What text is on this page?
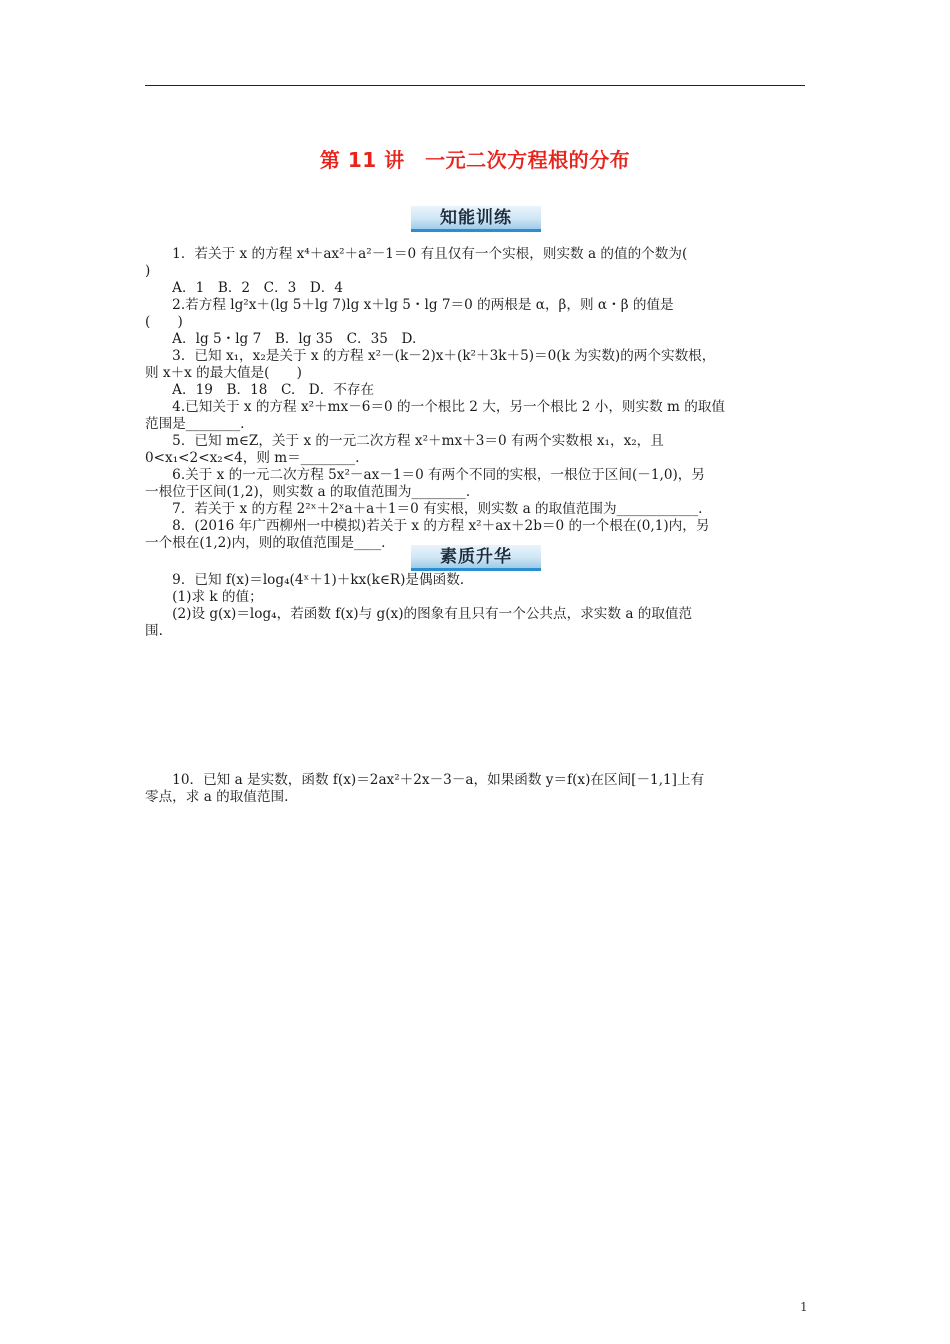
第 11 讲　一元二次方程根的分布
知能训练
　　1．若关于 x 的方程 x⁴＋ax²＋a²－1＝0 有且仅有一个实根，则实数 a 的值的个数为(
)
　　A．1　B．2　C．3　D．4
　　2.若方程 lg²x＋(lg 5＋lg 7)lg x＋lg 5・lg 7＝0 的两根是 α，β，则 α・β 的值是
(　　)
　　A．lg 5・lg 7　B．lg 35　C．35　D.
　　3．已知 x₁，x₂是关于 x 的方程 x²－(k－2)x＋(k²＋3k＋5)＝0(k 为实数)的两个实数根，
则 x＋x 的最大值是(　　)
　　A．19　B．18　C.　D．不存在
　　4.已知关于 x 的方程 x²＋mx－6＝0 的一个根比 2 大，另一个根比 2 小，则实数 m 的取值
范围是________.
　　5．已知 m∈Z，关于 x 的一元二次方程 x²＋mx＋3＝0 有两个实数根 x₁，x₂，且
0<x₁<2<x₂<4，则 m＝________.
　　6.关于 x 的一元二次方程 5x²－ax－1＝0 有两个不同的实根，一根位于区间(－1,0)，另
一根位于区间(1,2)，则实数 a 的取值范围为________.
　　7．若关于 x 的方程 2²ˣ＋2ˣa＋a＋1＝0 有实根，则实数 a 的取值范围为____________.
　　8．(2016 年广西柳州一中模拟)若关于 x 的方程 x²＋ax＋2b＝0 的一个根在(0,1)内，另
一个根在(1,2)内，则的取值范围是____.
素质升华
　　9．已知 f(x)＝log₄(4ˣ＋1)＋kx(k∈R)是偶函数.
　　(1)求 k 的值；
　　(2)设 g(x)＝log₄，若函数 f(x)与 g(x)的图象有且只有一个公共点，求实数 a 的取值范
围.
　　10．已知 a 是实数，函数 f(x)＝2ax²＋2x－3－a，如果函数 y＝f(x)在区间[－1,1]上有
零点，求 a 的取值范围.
1
